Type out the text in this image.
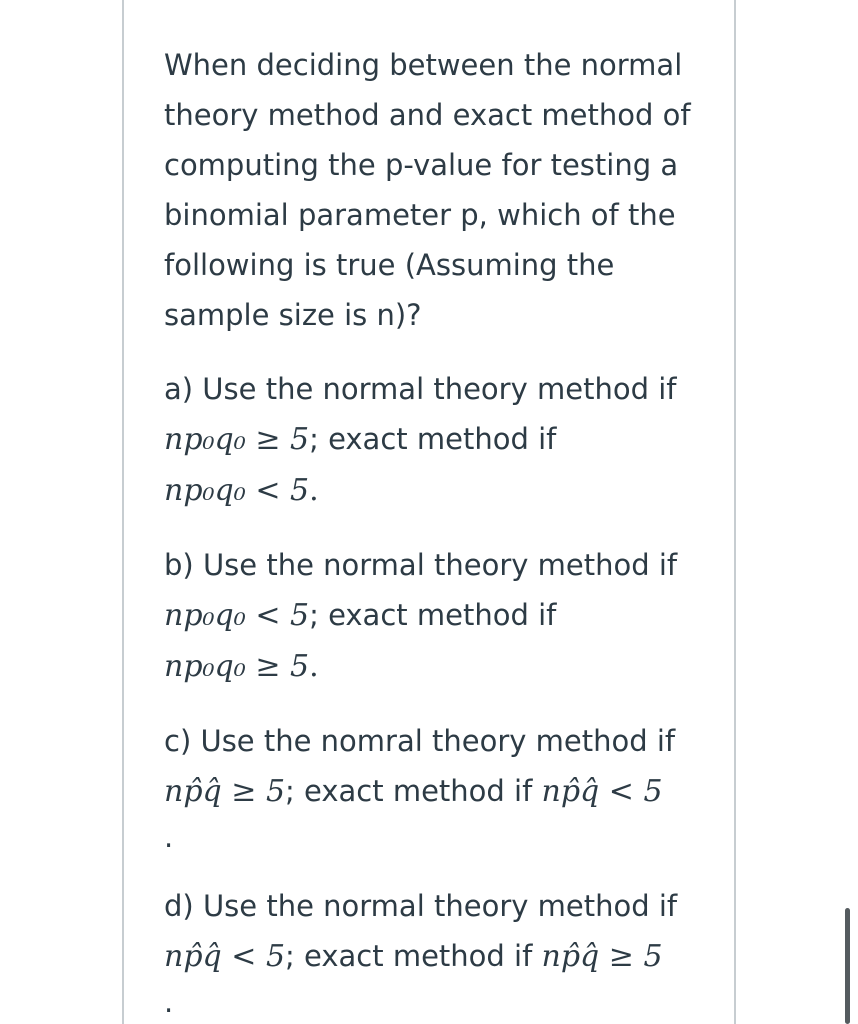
When deciding between the normal theory method and exact method of computing the p-value for testing a binomial parameter p, which of the following is true (Assuming the sample size is n)?

a) Use the normal theory method if
np₀q₀ ≥ 5; exact method if
np₀q₀ < 5.
b) Use the normal theory method if
np₀q₀ < 5; exact method if
np₀q₀ ≥ 5.
c) Use the nomral theory method if
np̂q̂ ≥ 5; exact method if np̂q̂ < 5
.
d) Use the normal theory method if
np̂q̂ < 5; exact method if np̂q̂ ≥ 5
.
